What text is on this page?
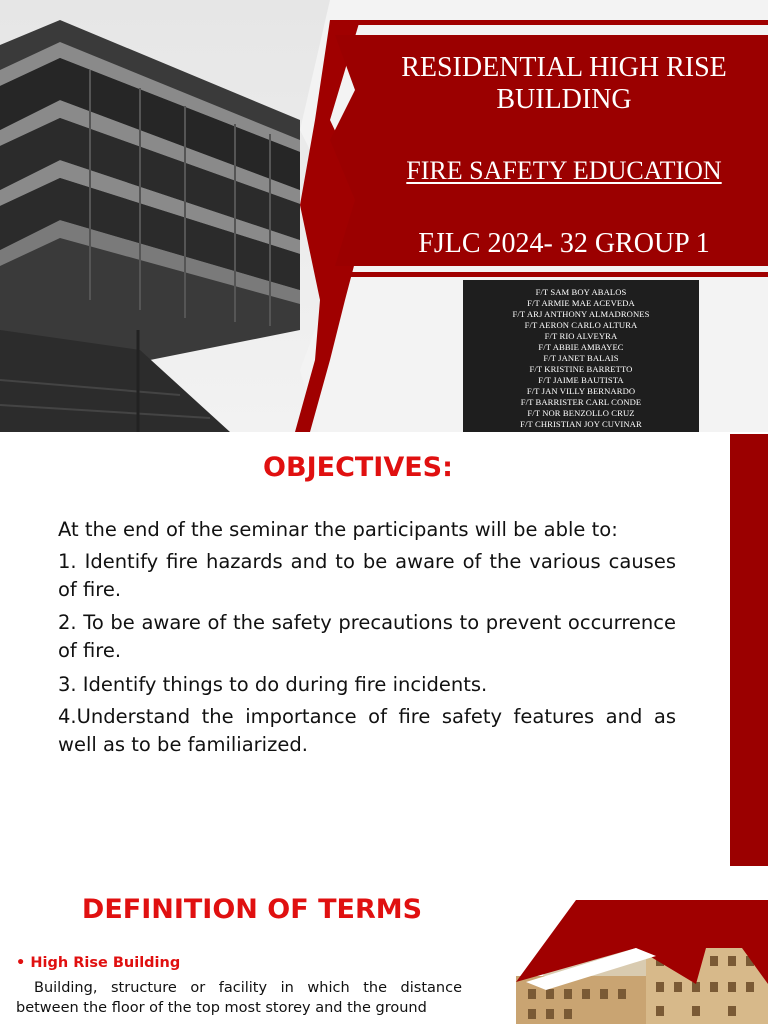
RESIDENTIAL HIGH RISE BUILDING
FIRE SAFETY EDUCATION
FJLC 2024- 32 GROUP 1
F/T SAM BOY ABALOS
F/T ARMIE MAE ACEVEDA
F/T ARJ ANTHONY ALMADRONES
F/T AERON CARLO ALTURA
F/T RIO ALVEYRA
F/T ABBIE AMBAYEC
F/T JANET BALAIS
F/T KRISTINE BARRETTO
F/T JAIME BAUTISTA
F/T JAN VILLY BERNARDO
F/T BARRISTER CARL CONDE
F/T NOR BENZOLLO CRUZ
F/T CHRISTIAN JOY CUVINAR
OBJECTIVES:
At the end of the seminar the participants will be able to:
1. Identify fire hazards and to be aware of the various causes of fire.
2. To be aware of the safety precautions to prevent occurrence of fire.
3. Identify things to do during fire incidents.
4.Understand the importance of fire safety features and as well as to be familiarized.
DEFINITION OF TERMS
• High Rise Building
Building, structure or facility in which the distance between the floor of the top most storey and the ground
